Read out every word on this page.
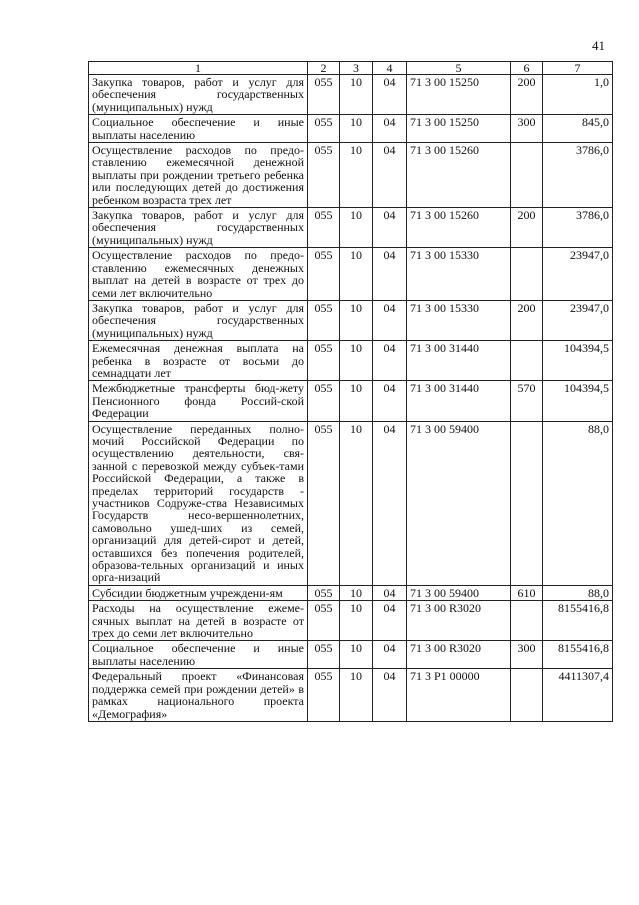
41
1	2	3	4	5	6	7
Закупка товаров, работ и услуг для обеспечения государственных (муниципальных) нужд	055	10	04	71 3 00 15250	200	1,0
Социальное обеспечение и иные выплаты населению	055	10	04	71 3 00 15250	300	845,0
Осуществление расходов по предо-ставлению ежемесячной денежной выплаты при рождении третьего ребенка или последующих детей до достижения ребенком возраста трех лет	055	10	04	71 3 00 15260		3786,0
Закупка товаров, работ и услуг для обеспечения государственных (муниципальных) нужд	055	10	04	71 3 00 15260	200	3786,0
Осуществление расходов по предо-ставлению ежемесячных денежных выплат на детей в возрасте от трех до семи лет включительно	055	10	04	71 3 00 15330		23947,0
Закупка товаров, работ и услуг для обеспечения государственных (муниципальных) нужд	055	10	04	71 3 00 15330	200	23947,0
Ежемесячная денежная выплата на ребенка в возрасте от восьми до семнадцати лет	055	10	04	71 3 00 31440		104394,5
Межбюджетные трансферты бюд-жету Пенсионного фонда Россий-ской Федерации	055	10	04	71 3 00 31440	570	104394,5
Осуществление переданных полно-мочий Российской Федерации по осуществлению деятельности, свя-занной с перевозкой между субъек-тами Российской Федерации, а также в пределах территорий государств - участников Содруже-ства Независимых Государств несо-вершеннолетних, самовольно ушед-ших из семей, организаций для детей-сирот и детей, оставшихся без попечения родителей, образова-тельных организаций и иных орга-низаций	055	10	04	71 3 00 59400		88,0
Субсидии бюджетным учреждени-ям	055	10	04	71 3 00 59400	610	88,0
Расходы на осуществление ежеме-сячных выплат на детей в возрасте от трех до семи лет включительно	055	10	04	71 3 00 R3020		8155416,8
Социальное обеспечение и иные выплаты населению	055	10	04	71 3 00 R3020	300	8155416,8
Федеральный проект «Финансовая поддержка семей при рождении детей» в рамках национального проекта «Демография»	055	10	04	71 3 P1 00000		4411307,4
